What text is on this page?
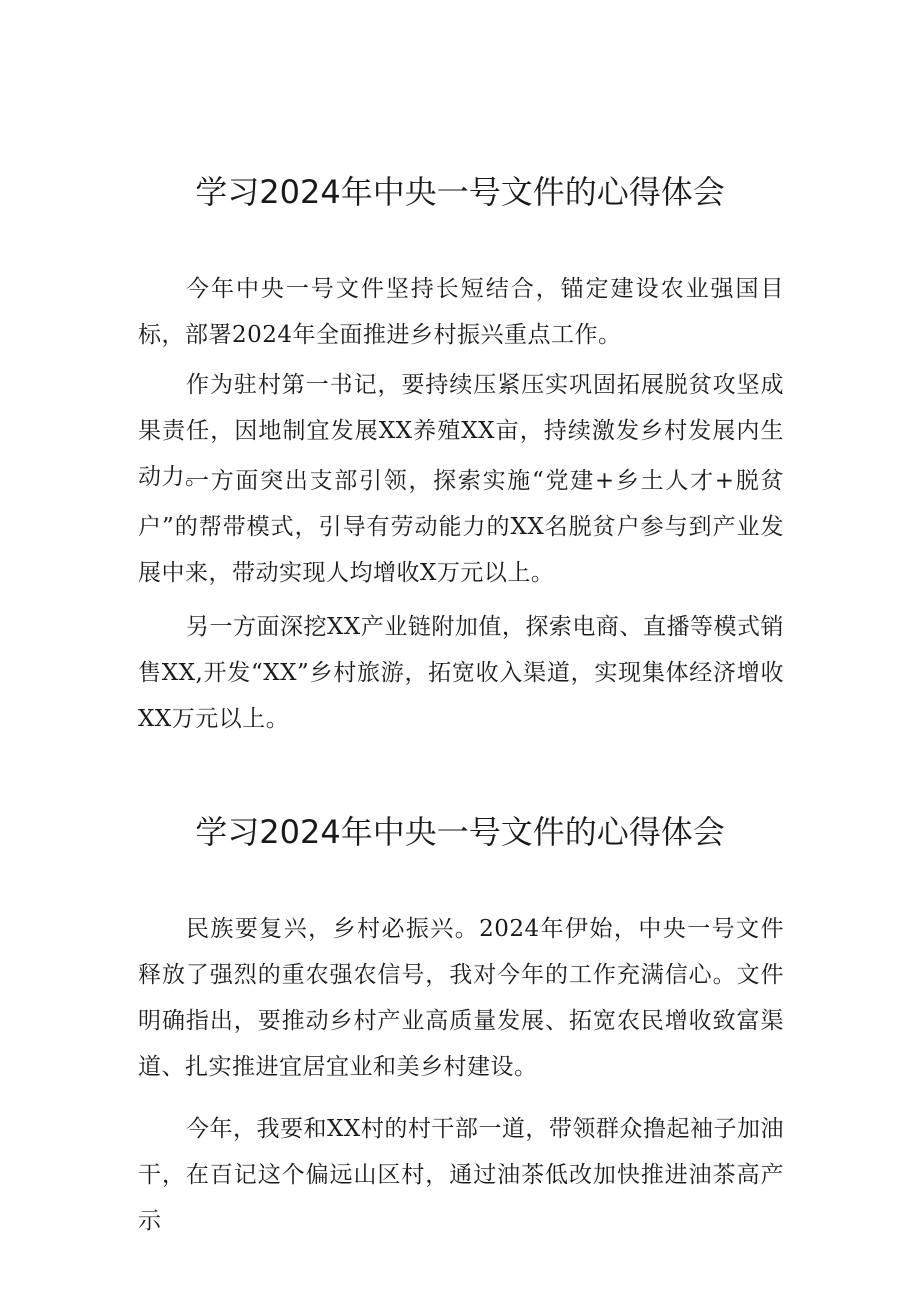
学习2024年中央一号文件的心得体会

今年中央一号文件坚持长短结合，锚定建设农业强国目标，部署2024年全面推进乡村振兴重点工作。

作为驻村第一书记，要持续压紧压实巩固拓展脱贫攻坚成果责任，因地制宜发展XX养殖XX亩，持续激发乡村发展内生动力。

一方面突出支部引领，探索实施“党建+乡土人才+脱贫户”的帮带模式，引导有劳动能力的XX名脱贫户参与到产业发展中来，带动实现人均增收X万元以上。

另一方面深挖XX产业链附加值，探索电商、直播等模式销售XX,开发“XX”乡村旅游，拓宽收入渠道，实现集体经济增收XX万元以上。

学习2024年中央一号文件的心得体会

民族要复兴，乡村必振兴。2024年伊始，中央一号文件释放了强烈的重农强农信号，我对今年的工作充满信心。文件明确指出，要推动乡村产业高质量发展、拓宽农民增收致富渠道、扎实推进宜居宜业和美乡村建设。

今年，我要和XX村的村干部一道，带领群众撸起袖子加油干，在百记这个偏远山区村，通过油茶低改加快推进油茶高产示
